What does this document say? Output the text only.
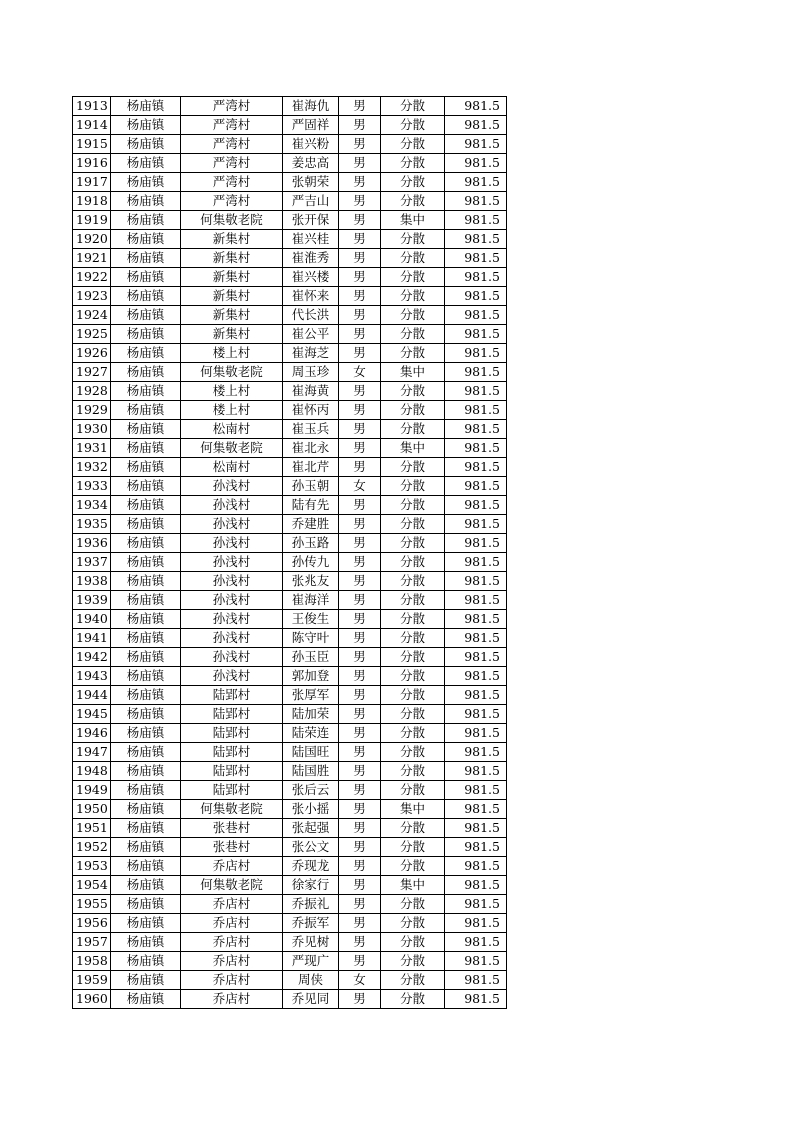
1913	杨庙镇	严湾村	崔海仇	男	分散	981.5
1914	杨庙镇	严湾村	严固祥	男	分散	981.5
1915	杨庙镇	严湾村	崔兴粉	男	分散	981.5
1916	杨庙镇	严湾村	姜忠高	男	分散	981.5
1917	杨庙镇	严湾村	张朝荣	男	分散	981.5
1918	杨庙镇	严湾村	严吉山	男	分散	981.5
1919	杨庙镇	何集敬老院	张开保	男	集中	981.5
1920	杨庙镇	新集村	崔兴桂	男	分散	981.5
1921	杨庙镇	新集村	崔淮秀	男	分散	981.5
1922	杨庙镇	新集村	崔兴楼	男	分散	981.5
1923	杨庙镇	新集村	崔怀来	男	分散	981.5
1924	杨庙镇	新集村	代长洪	男	分散	981.5
1925	杨庙镇	新集村	崔公平	男	分散	981.5
1926	杨庙镇	楼上村	崔海芝	男	分散	981.5
1927	杨庙镇	何集敬老院	周玉珍	女	集中	981.5
1928	杨庙镇	楼上村	崔海黄	男	分散	981.5
1929	杨庙镇	楼上村	崔怀丙	男	分散	981.5
1930	杨庙镇	松南村	崔玉兵	男	分散	981.5
1931	杨庙镇	何集敬老院	崔北永	男	集中	981.5
1932	杨庙镇	松南村	崔北芹	男	分散	981.5
1933	杨庙镇	孙浅村	孙玉朝	女	分散	981.5
1934	杨庙镇	孙浅村	陆有先	男	分散	981.5
1935	杨庙镇	孙浅村	乔建胜	男	分散	981.5
1936	杨庙镇	孙浅村	孙玉路	男	分散	981.5
1937	杨庙镇	孙浅村	孙传九	男	分散	981.5
1938	杨庙镇	孙浅村	张兆友	男	分散	981.5
1939	杨庙镇	孙浅村	崔海洋	男	分散	981.5
1940	杨庙镇	孙浅村	王俊生	男	分散	981.5
1941	杨庙镇	孙浅村	陈守叶	男	分散	981.5
1942	杨庙镇	孙浅村	孙玉臣	男	分散	981.5
1943	杨庙镇	孙浅村	郭加登	男	分散	981.5
1944	杨庙镇	陆郢村	张厚军	男	分散	981.5
1945	杨庙镇	陆郢村	陆加荣	男	分散	981.5
1946	杨庙镇	陆郢村	陆荣连	男	分散	981.5
1947	杨庙镇	陆郢村	陆国旺	男	分散	981.5
1948	杨庙镇	陆郢村	陆国胜	男	分散	981.5
1949	杨庙镇	陆郢村	张后云	男	分散	981.5
1950	杨庙镇	何集敬老院	张小摇	男	集中	981.5
1951	杨庙镇	张巷村	张起强	男	分散	981.5
1952	杨庙镇	张巷村	张公文	男	分散	981.5
1953	杨庙镇	乔店村	乔现龙	男	分散	981.5
1954	杨庙镇	何集敬老院	徐家行	男	集中	981.5
1955	杨庙镇	乔店村	乔振礼	男	分散	981.5
1956	杨庙镇	乔店村	乔振军	男	分散	981.5
1957	杨庙镇	乔店村	乔见树	男	分散	981.5
1958	杨庙镇	乔店村	严现广	男	分散	981.5
1959	杨庙镇	乔店村	周侠	女	分散	981.5
1960	杨庙镇	乔店村	乔见同	男	分散	981.5
